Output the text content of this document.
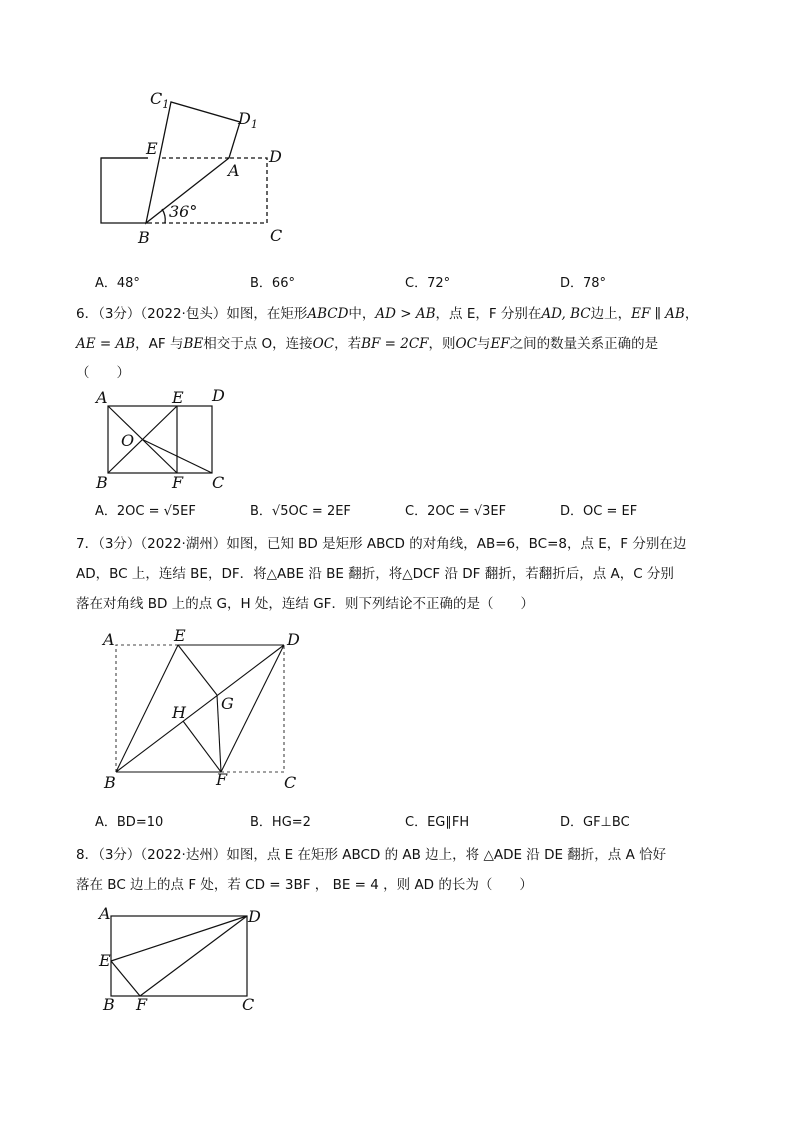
$C_1$
$D_1$
E	D
A
B	C
36°
A．48°	B．66°	C．72°	D．78°
6．（3分）（2022·包头）如图，在矩形ABCD中，AD > AB，点 E，F 分别在AD, BC边上，EF ∥ AB，
AE = AB，AF 与BE相交于点 O，连接OC，若BF = 2CF，则OC与EF之间的数量关系正确的是
（　　）
A	E D
O
B	F C
A．2OC = √5EF	B．√5OC = 2EF	C．2OC = √3EF	D．OC = EF
7．（3分）（2022·湖州）如图，已知 BD 是矩形 ABCD 的对角线，AB=6，BC=8，点 E，F 分别在边
AD，BC 上，连结 BE，DF．将△ABE 沿 BE 翻折，将△DCF 沿 DF 翻折，若翻折后，点 A，C 分别
落在对角线 BD 上的点 G，H 处，连结 GF．则下列结论不正确的是（　　）
A	E	D
G
H
B	F	C
A．BD=10	B．HG=2	C．EG∥FH	D．GF⊥BC
8．（3分）（2022·达州）如图，点 E 在矩形 ABCD 的 AB 边上，将 △ADE 沿 DE 翻折，点 A 恰好
落在 BC 边上的点 F 处，若 CD = 3BF ， BE = 4 ，则 AD 的长为（　　）
A	D
E
B F	C
